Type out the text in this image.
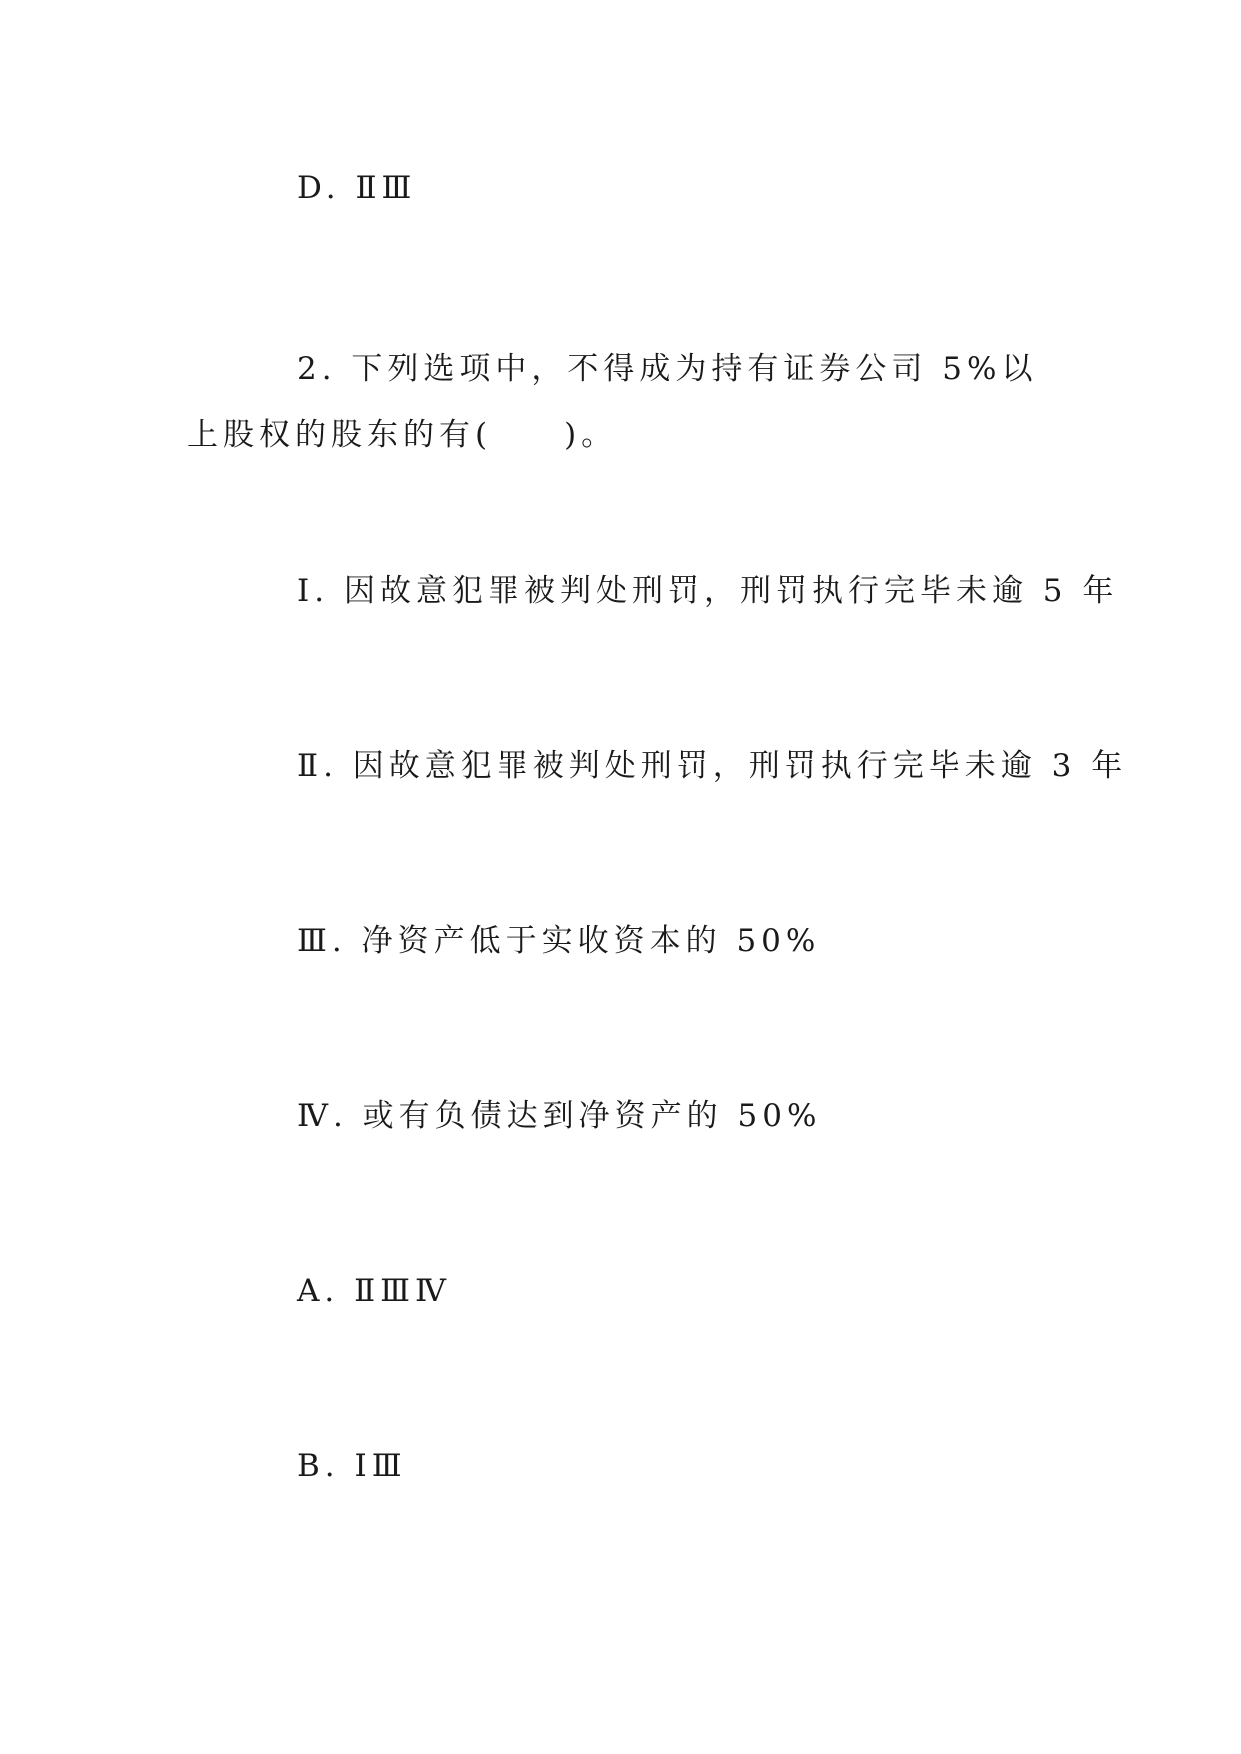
D. ⅡⅢ
2. 下列选项中，不得成为持有证券公司 5%以上股权的股东的有(　　)。
Ⅰ. 因故意犯罪被判处刑罚，刑罚执行完毕未逾 5 年
Ⅱ. 因故意犯罪被判处刑罚，刑罚执行完毕未逾 3 年
Ⅲ. 净资产低于实收资本的 50%
Ⅳ. 或有负债达到净资产的 50%
A. ⅡⅢⅣ
B. ⅠⅢ
